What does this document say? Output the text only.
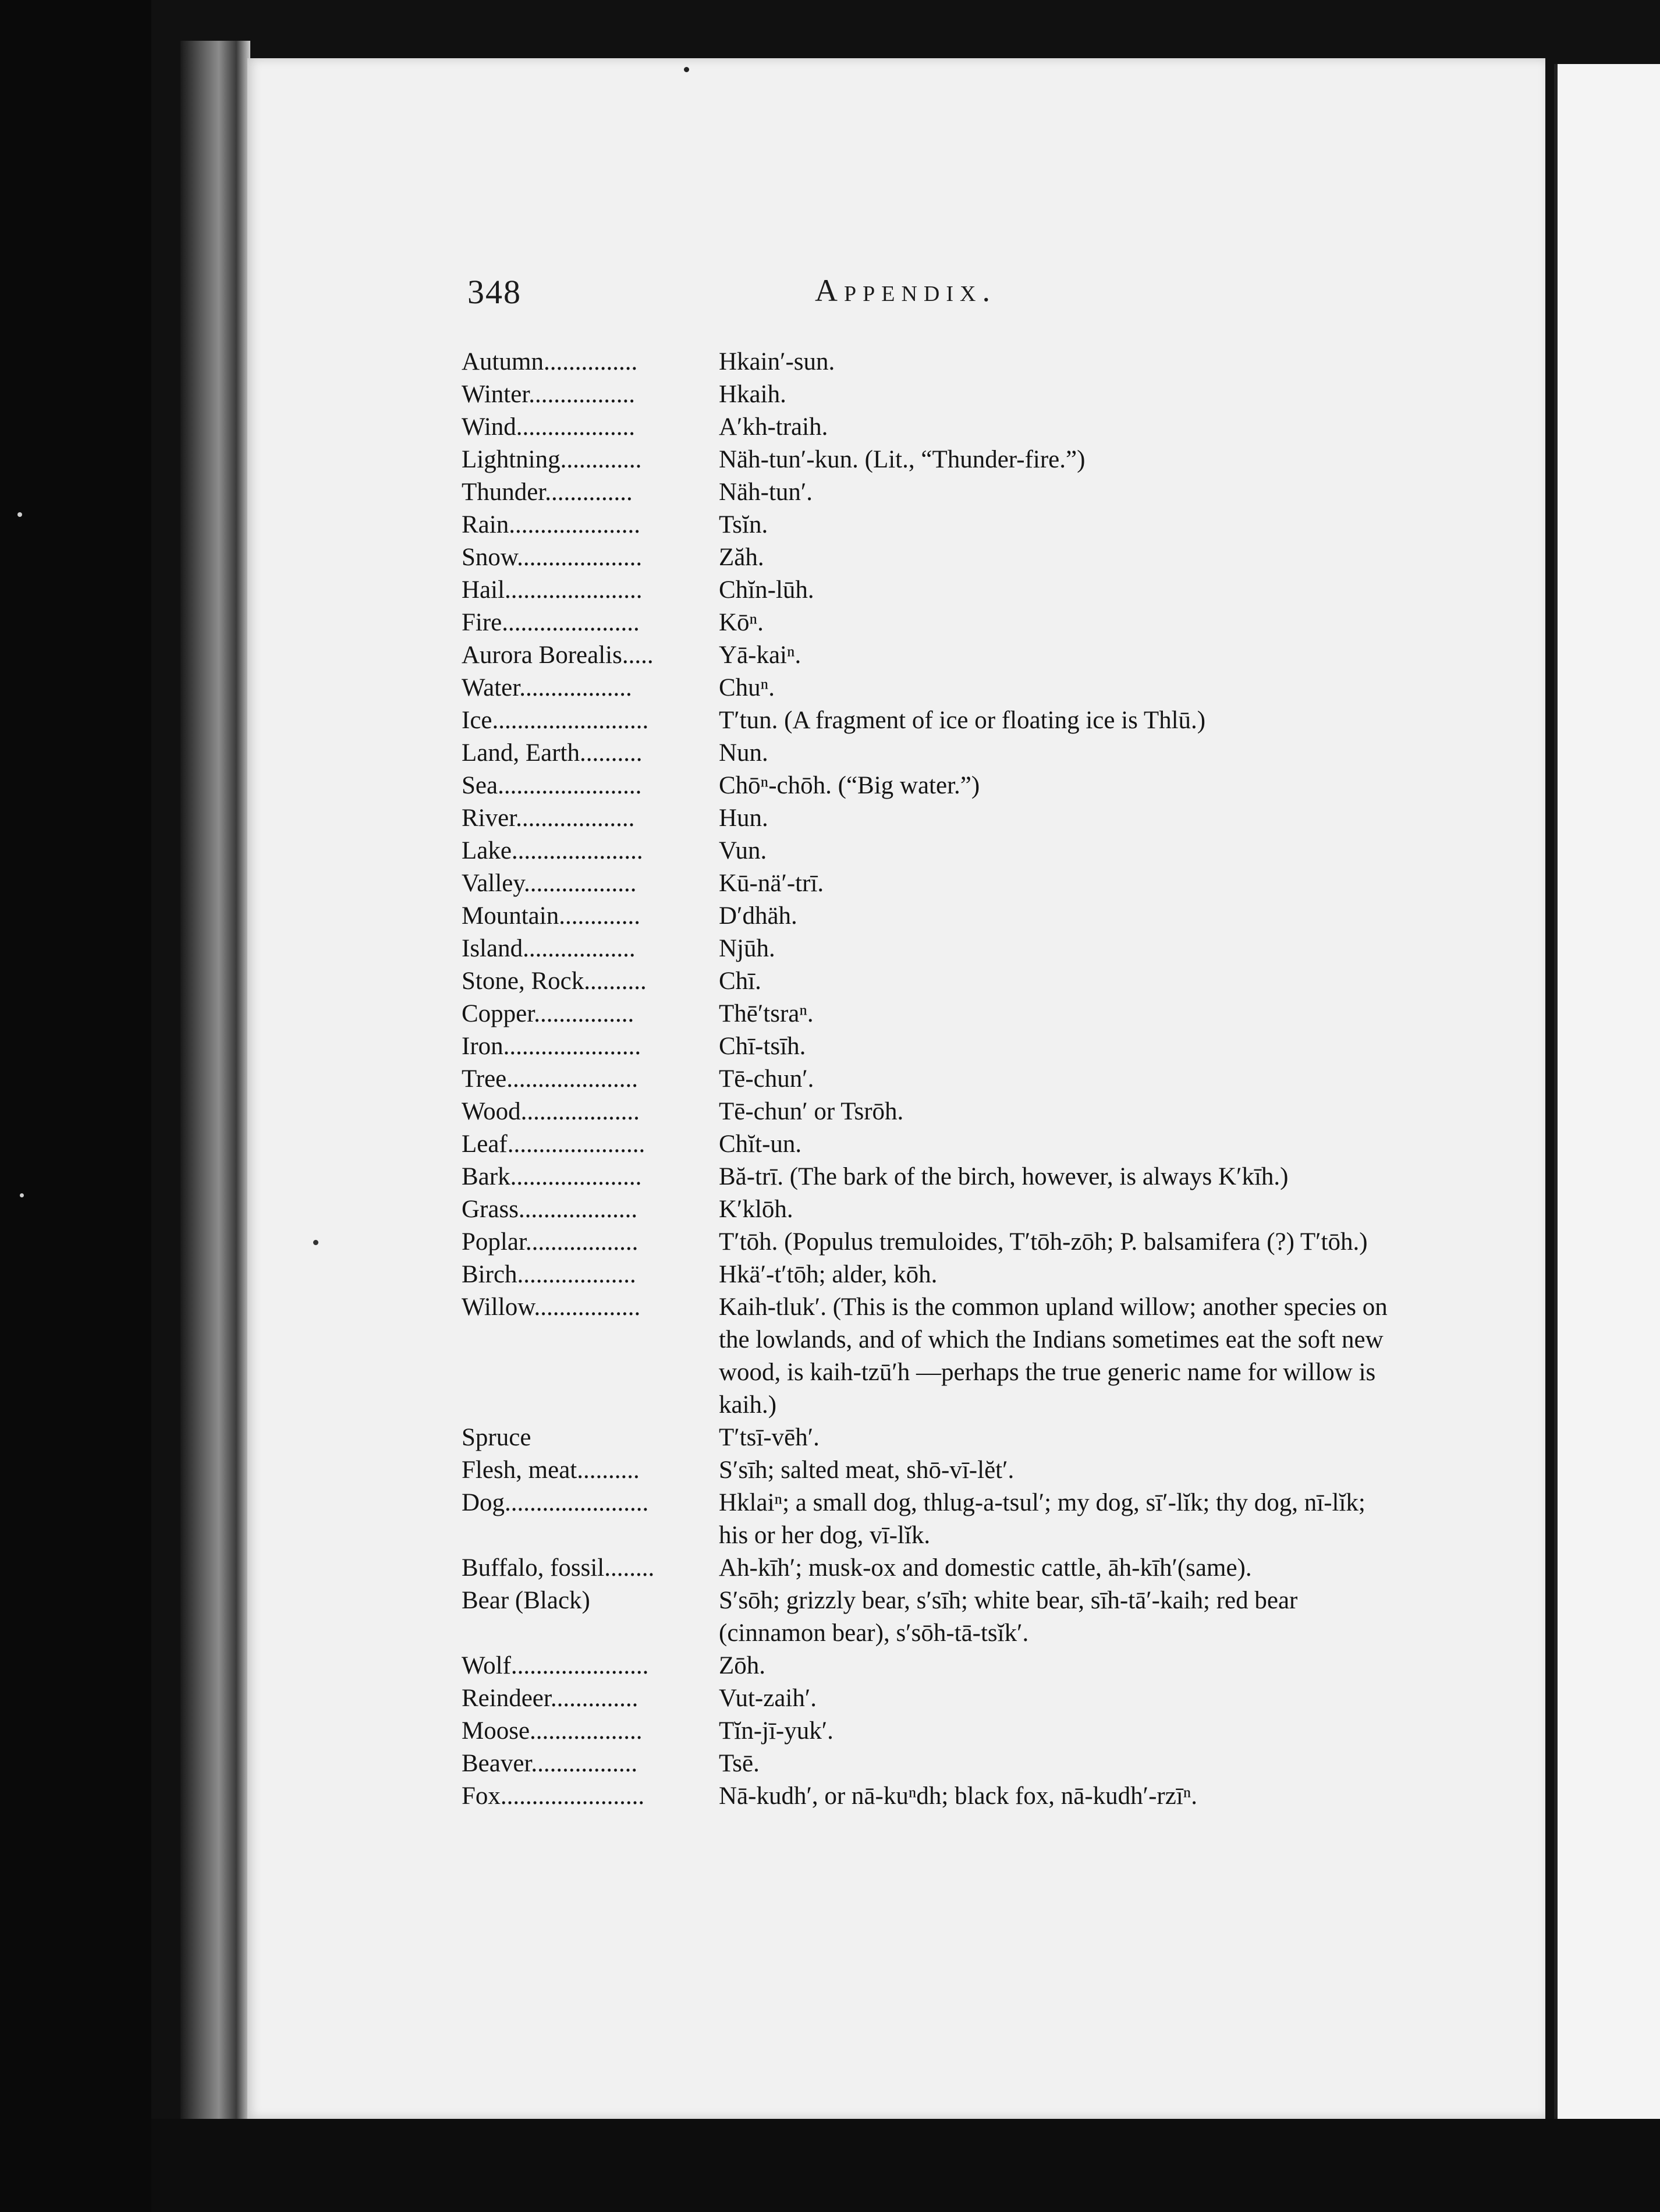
348	Appendix.

Autumn...............	Hkain′-sun.
Winter.................	Hkaih.
Wind...................	A′kh-traih.
Lightning.............	Näh-tun′-kun. (Lit., “Thunder-fire.”)
Thunder..............	Näh-tun′.
Rain.....................	Tsĭn.
Snow....................	Zăh.
Hail......................	Chĭn-lūh.
Fire......................	Kōⁿ.
Aurora Borealis.....	Yā-kaiⁿ.
Water..................	Chuⁿ.
Ice.........................	T′tun. (A fragment of ice or floating ice is Thlū.)
Land, Earth..........	Nun.
Sea.......................	Chōⁿ-chōh. (“Big water.”)
River...................	Hun.
Lake.....................	Vun.
Valley..................	Kū-nä′-trī.
Mountain.............	D′dhäh.
Island..................	Njūh.
Stone, Rock..........	Chī.
Copper................	Thē′tsraⁿ.
Iron......................	Chī-tsīh.
Tree.....................	Tē-chun′.
Wood...................	Tē-chun′ or Tsrōh.
Leaf......................	Chĭt-un.
Bark.....................	Bă-trī. (The bark of the birch, however, is always K′kīh.)
Grass...................	K′klōh.
Poplar..................	T′tōh. (Populus tremuloides, T′tōh-zōh; P. balsamifera (?) T′tōh.)
Birch...................	Hkä′-t′tōh; alder, kōh.
Willow.................	Kaih-tluk′. (This is the common upland willow; another species on the lowlands, and of which the Indians sometimes eat the soft new wood, is kaih-tzū′h —perhaps the true generic name for willow is kaih.)
Spruce	T′tsī-vēh′.
Flesh, meat..........	S′sīh; salted meat, shō-vī-lĕt′.
Dog.......................	Hklaiⁿ; a small dog, thlug-a-tsul′; my dog, sī′-lĭk; thy dog, nī-lĭk; his or her dog, vī-lĭk.
Buffalo, fossil........	Ah-kīh′; musk-ox and domestic cattle, āh-kīh′(same).
Bear (Black)	S′sōh; grizzly bear, s′sīh; white bear, sīh-tā′-kaih; red bear (cinnamon bear), s′sōh-tā-tsĭk′.
Wolf......................	Zōh.
Reindeer..............	Vut-zaih′.
Moose..................	Tĭn-jī-yuk′.
Beaver.................	Tsē.
Fox.......................	Nā-kudh′, or nā-kuⁿdh; black fox, nā-kudh′-rzīⁿ.
